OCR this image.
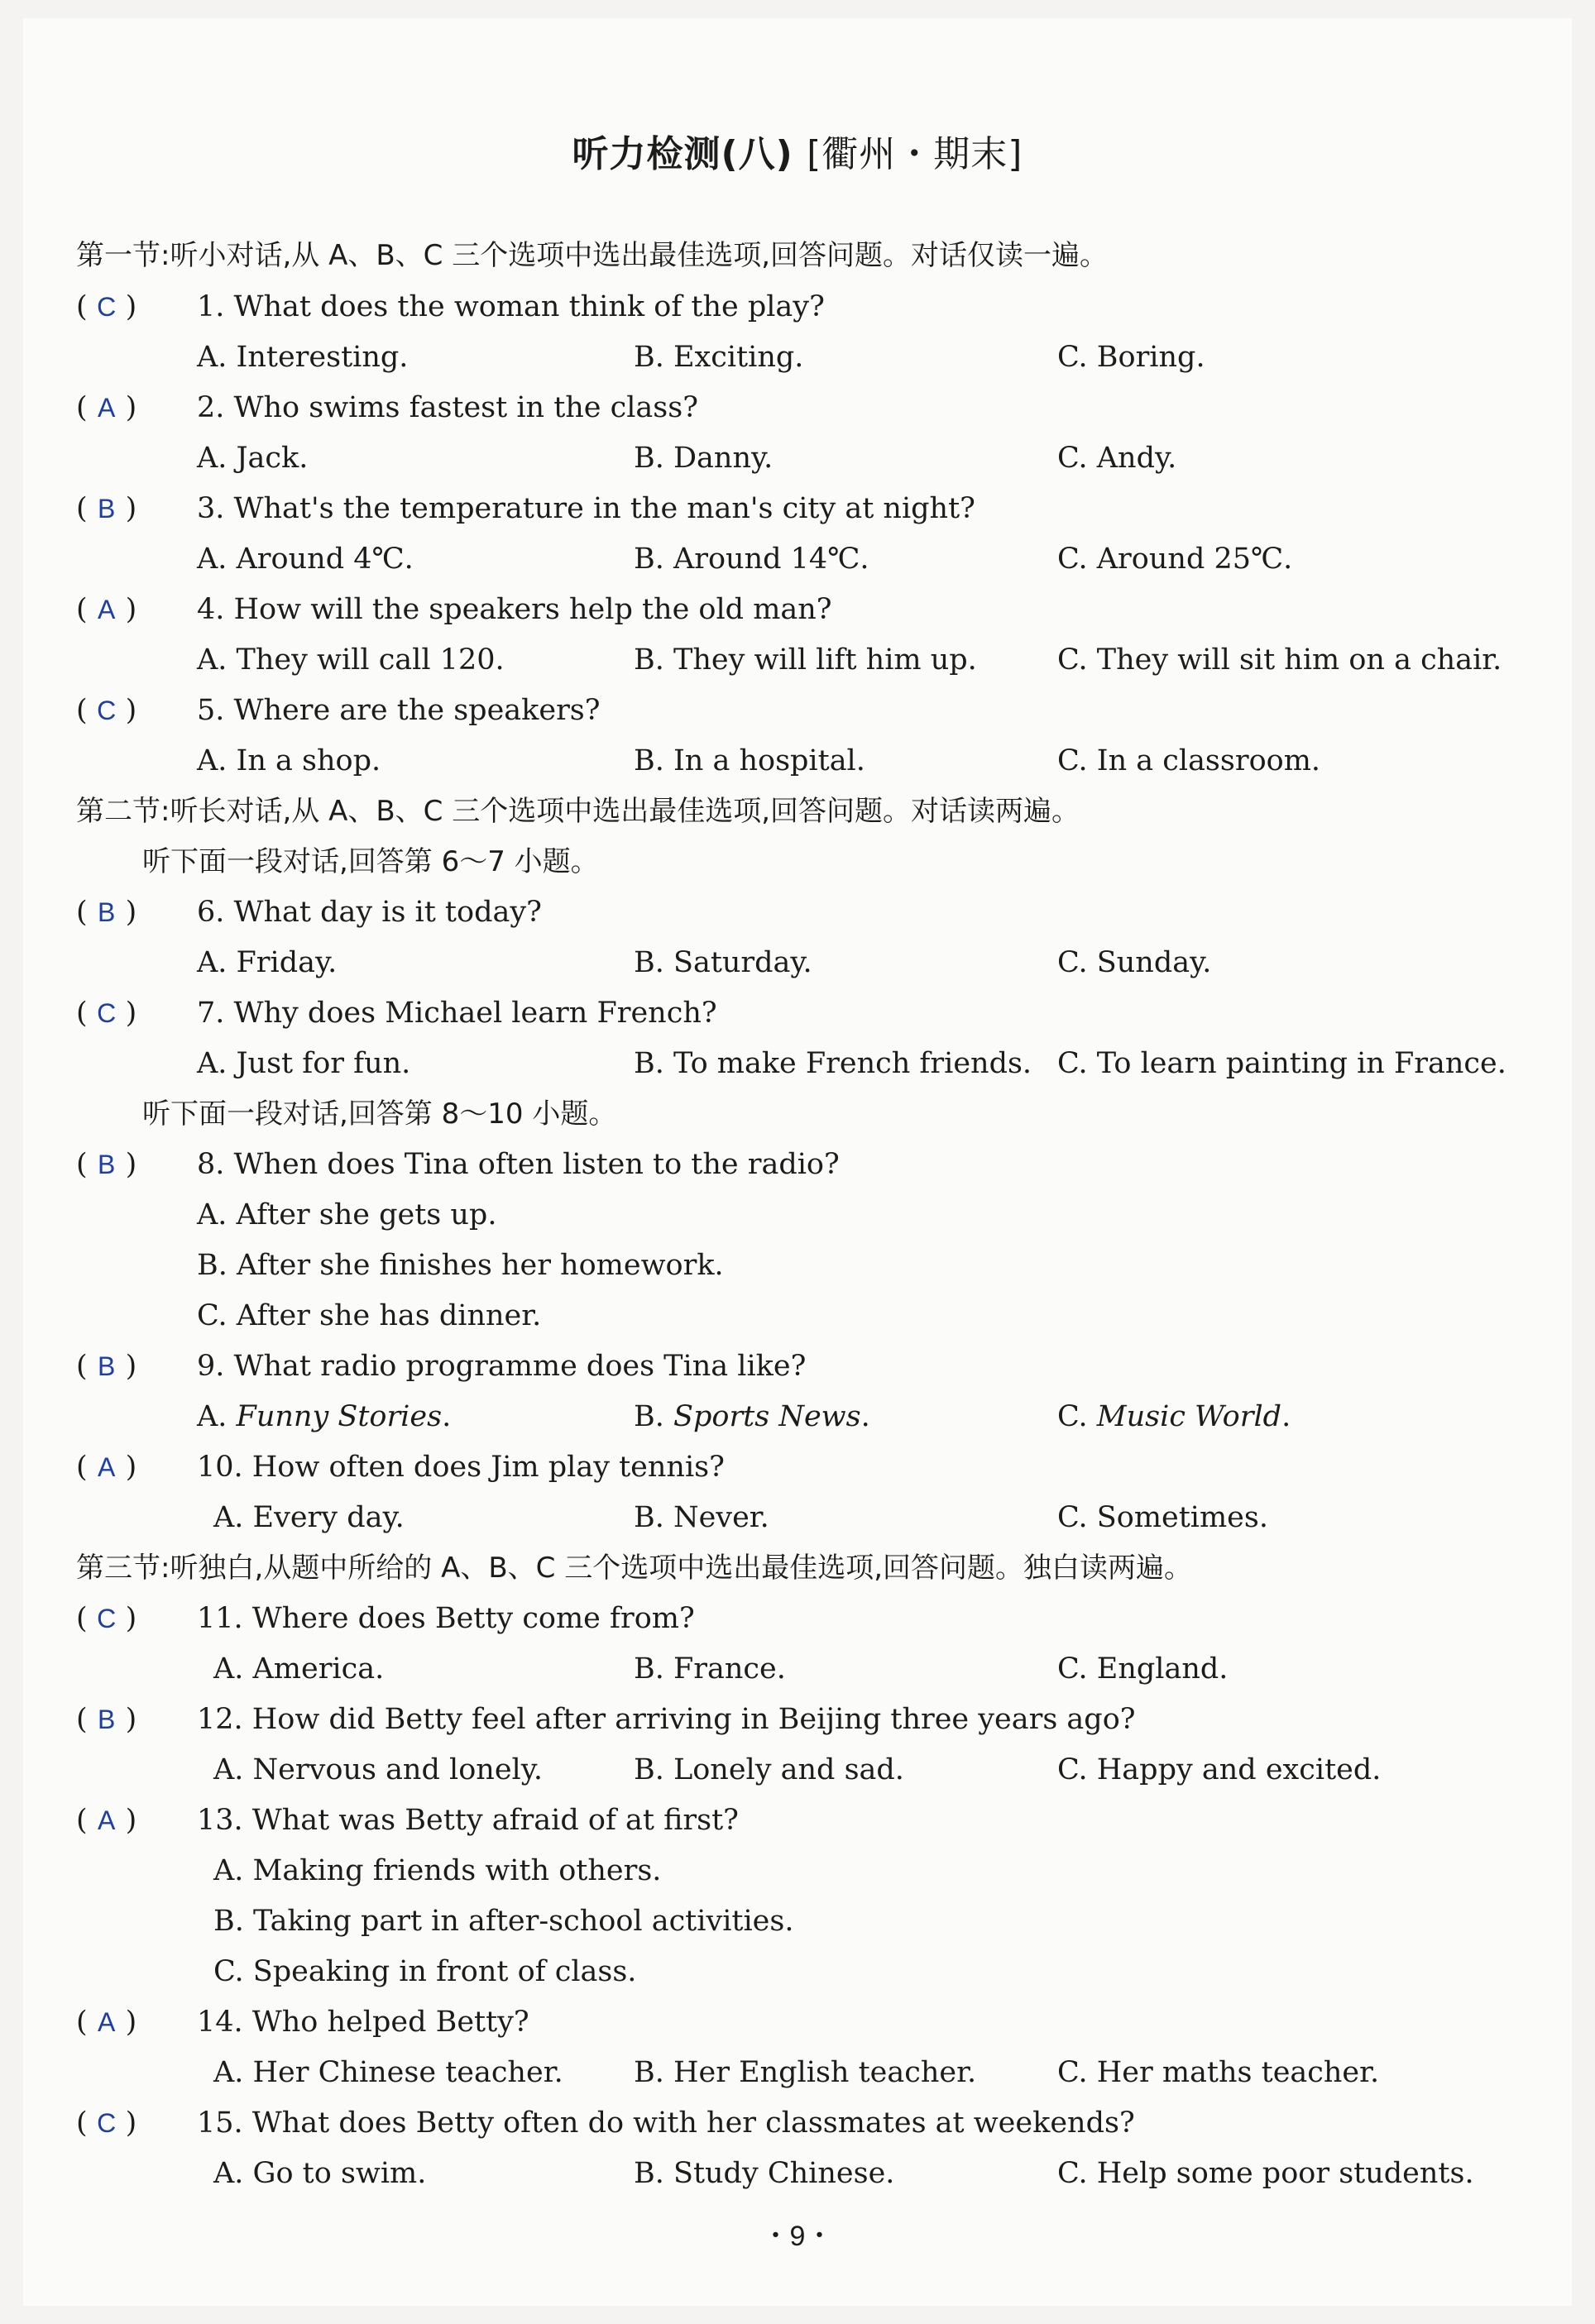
听力检测(八) [衢州・期末]
第一节:听小对话,从 A、B、C 三个选项中选出最佳选项,回答问题。对话仅读一遍。
( C ) 1. What does the woman think of the play?
A. Interesting.	B. Exciting.	C. Boring.
( A ) 2. Who swims fastest in the class?
A. Jack.	B. Danny.	C. Andy.
( B ) 3. What's the temperature in the man's city at night?
A. Around 4℃.	B. Around 14℃.	C. Around 25℃.
( A ) 4. How will the speakers help the old man?
A. They will call 120.	B. They will lift him up.	C. They will sit him on a chair.
( C ) 5. Where are the speakers?
A. In a shop.	B. In a hospital.	C. In a classroom.
第二节:听长对话,从 A、B、C 三个选项中选出最佳选项,回答问题。对话读两遍。
听下面一段对话,回答第 6～7 小题。
( B ) 6. What day is it today?
A. Friday.	B. Saturday.	C. Sunday.
( C ) 7. Why does Michael learn French?
A. Just for fun.	B. To make French friends. C. To learn painting in France.
听下面一段对话,回答第 8～10 小题。
( B ) 8. When does Tina often listen to the radio?
A. After she gets up.
B. After she finishes her homework.
C. After she has dinner.
( B ) 9. What radio programme does Tina like?
A. Funny Stories.	B. Sports News.	C. Music World.
( A ) 10. How often does Jim play tennis?
A. Every day.	B. Never.	C. Sometimes.
第三节:听独白,从题中所给的 A、B、C 三个选项中选出最佳选项,回答问题。独白读两遍。
( C ) 11. Where does Betty come from?
A. America.	B. France.	C. England.
( B ) 12. How did Betty feel after arriving in Beijing three years ago?
A. Nervous and lonely.	B. Lonely and sad.	C. Happy and excited.
( A ) 13. What was Betty afraid of at first?
A. Making friends with others.
B. Taking part in after-school activities.
C. Speaking in front of class.
( A ) 14. Who helped Betty?
A. Her Chinese teacher. B. Her English teacher.	C. Her maths teacher.
( C ) 15. What does Betty often do with her classmates at weekends?
A. Go to swim.	B. Study Chinese.	C. Help some poor students.
・9・
